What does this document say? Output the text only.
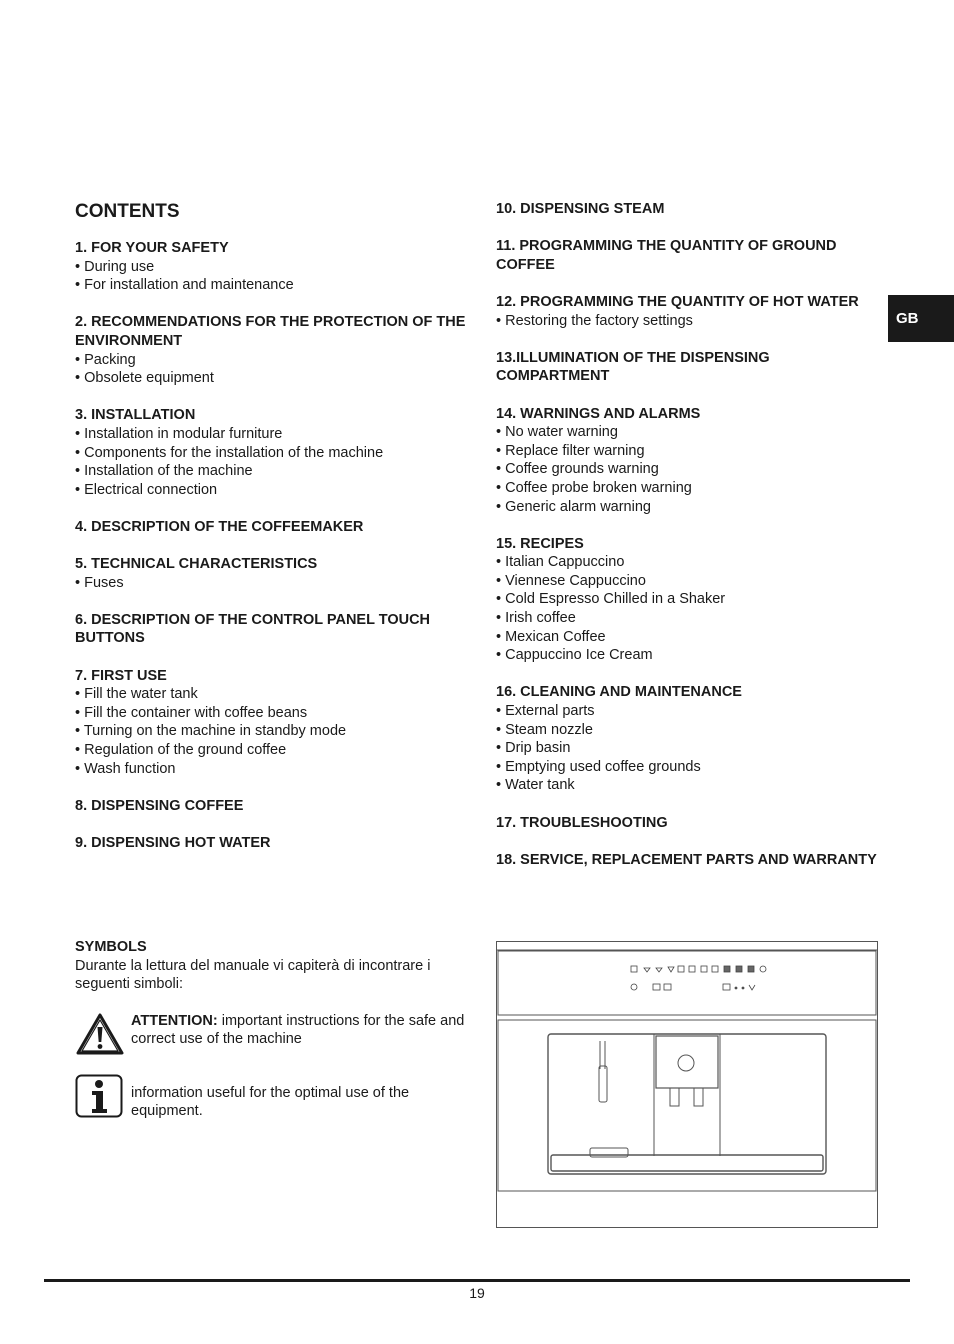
CONTENTS
1. FOR YOUR SAFETY
• During use
• For installation and maintenance
2. RECOMMENDATIONS FOR THE PROTECTION OF THE ENVIRONMENT
• Packing
• Obsolete equipment
3. INSTALLATION
• Installation in modular furniture
• Components for the installation of the machine
• Installation of the machine
• Electrical connection
4. DESCRIPTION OF THE COFFEEMAKER
5. TECHNICAL CHARACTERISTICS
• Fuses
6. DESCRIPTION OF THE CONTROL PANEL TOUCH BUTTONS
7. FIRST USE
• Fill the water tank
• Fill the container with coffee beans
• Turning on the machine in standby mode
• Regulation of the ground coffee
• Wash function
8. DISPENSING COFFEE
9. DISPENSING HOT WATER
10. DISPENSING STEAM
11. PROGRAMMING THE QUANTITY OF GROUND COFFEE
12. PROGRAMMING THE QUANTITY OF HOT WATER
• Restoring the factory settings
13.ILLUMINATION OF THE DISPENSING COMPARTMENT
14. WARNINGS AND ALARMS
• No water warning
• Replace filter warning
• Coffee grounds warning
• Coffee probe broken warning
• Generic alarm warning
15. RECIPES
• Italian Cappuccino
• Viennese Cappuccino
• Cold Espresso Chilled in a Shaker
• Irish coffee
• Mexican Coffee
• Cappuccino Ice Cream
16. CLEANING AND MAINTENANCE
• External parts
• Steam nozzle
• Drip basin
• Emptying used coffee grounds
• Water tank
17. TROUBLESHOOTING
18. SERVICE, REPLACEMENT PARTS AND WARRANTY
GB
SYMBOLS
Durante la lettura del manuale vi capiterà di incontrare i seguenti simboli:
ATTENTION: important instructions for the safe and correct use of the machine
information useful for the optimal use of the equipment.
19
